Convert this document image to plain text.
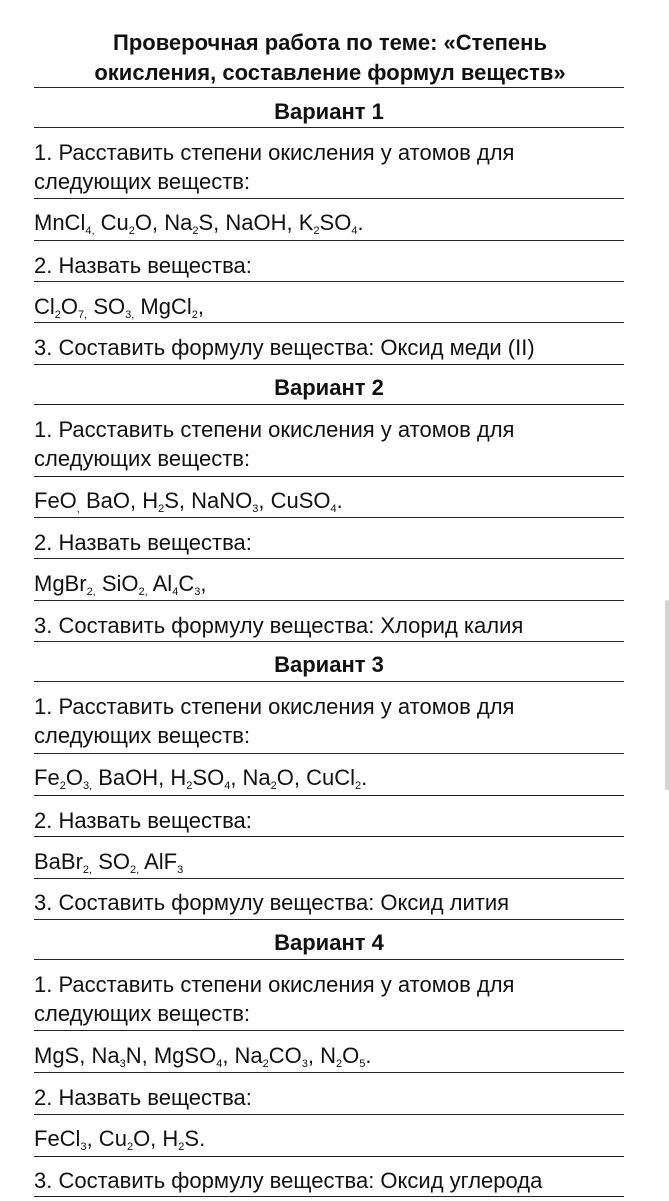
Проверочная работа по теме: «Степень
окисления, составление формул веществ»
Вариант 1
1. Расставить степени окисления у атомов для
следующих веществ:
MnCl$_{4,}$ $Cu_2O$, $Na_2S$, NaOH, $K_2SO_4$.
2. Назвать вещества:
$Cl_2O_{7,}$ $SO_{3,}$ MgCl$_2$,
3. Составить формулу вещества: Оксид меди (II)
Вариант 2
1. Расставить степени окисления у атомов для
следующих веществ:
FeO$_,$ BaO, $H_2S$, NaNO$_3$, CuSO$_4$.
2. Назвать вещества:
MgBr$_{2,}$ SiO$_{2,}$ $Al_4C_3$,
3. Составить формулу вещества: Хлорид калия
Вариант 3
1. Расставить степени окисления у атомов для
следующих веществ:
$Fe_2O_{3,}$ BaOH, $H_2SO_4$, $Na_2O$, CuCl$_2$.
2. Назвать вещества:
BaBr$_{2,}$ $SO_{2,}$ AlF$_3$
3. Составить формулу вещества: Оксид лития
Вариант 4
1. Расставить степени окисления у атомов для
следующих веществ:
MgS, $Na_3N$, MgSO$_4$, $Na_2CO_3$, $N_2O_5$.
2. Назвать вещества:
FeCl$_3$, $Cu_2O$, $H_2S$.
3. Составить формулу вещества: Оксид углерода
